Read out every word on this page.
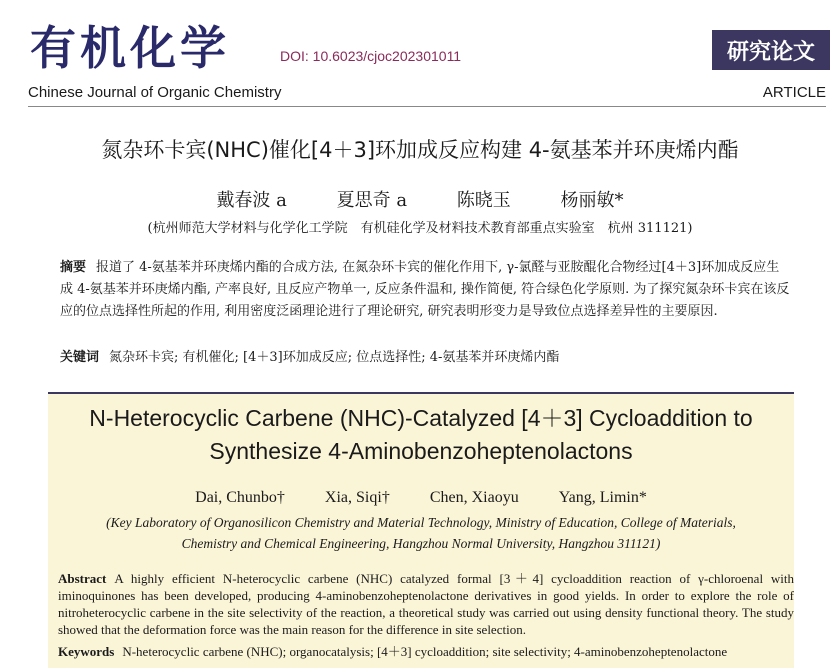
有机化学	DOI: 10.6023/cjoc202301011	研究论文
Chinese Journal of Organic Chemistry	ARTICLE
氮杂环卡宾(NHC)催化[4＋3]环加成反应构建 4-氨基苯并环庚烯内酯
戴春波 a	夏思奇 a	陈晓玉	杨丽敏*
(杭州师范大学材料与化学化工学院　有机硅化学及材料技术教育部重点实验室　杭州 311121)
摘要 报道了 4-氨基苯并环庚烯内酯的合成方法, 在氮杂环卡宾的催化作用下, γ-氯醛与亚胺醌化合物经过[4＋3]环加成反应生成 4-氨基苯并环庚烯内酯, 产率良好, 且反应产物单一, 反应条件温和, 操作简便, 符合绿色化学原则. 为了探究氮杂环卡宾在该反应的位点选择性所起的作用, 利用密度泛函理论进行了理论研究, 研究表明形变力是导致位点选择差异性的主要原因.
关键词 氮杂环卡宾; 有机催化; [4＋3]环加成反应; 位点选择性; 4-氨基苯并环庚烯内酯
N-Heterocyclic Carbene (NHC)-Catalyzed [4＋3] Cycloaddition to
Synthesize 4-Aminobenzoheptenolactons
Dai, Chunbo†	Xia, Siqi†	Chen, Xiaoyu	Yang, Limin*
(Key Laboratory of Organosilicon Chemistry and Material Technology, Ministry of Education, College of Materials,
Chemistry and Chemical Engineering, Hangzhou Normal University, Hangzhou 311121)
Abstract A highly efficient N-heterocyclic carbene (NHC) catalyzed formal [3＋4] cycloaddition reaction of γ-chloroenal with iminoquinones has been developed, producing 4-aminobenzoheptenolactone derivatives in good yields. In order to explore the role of nitroheterocyclic carbene in the site selectivity of the reaction, a theoretical study was carried out using density functional theory. The study showed that the deformation force was the main reason for the difference in site selection.
Keywords N-heterocyclic carbene (NHC); organocatalysis; [4＋3] cycloaddition; site selectivity; 4-aminobenzoheptenolactone
